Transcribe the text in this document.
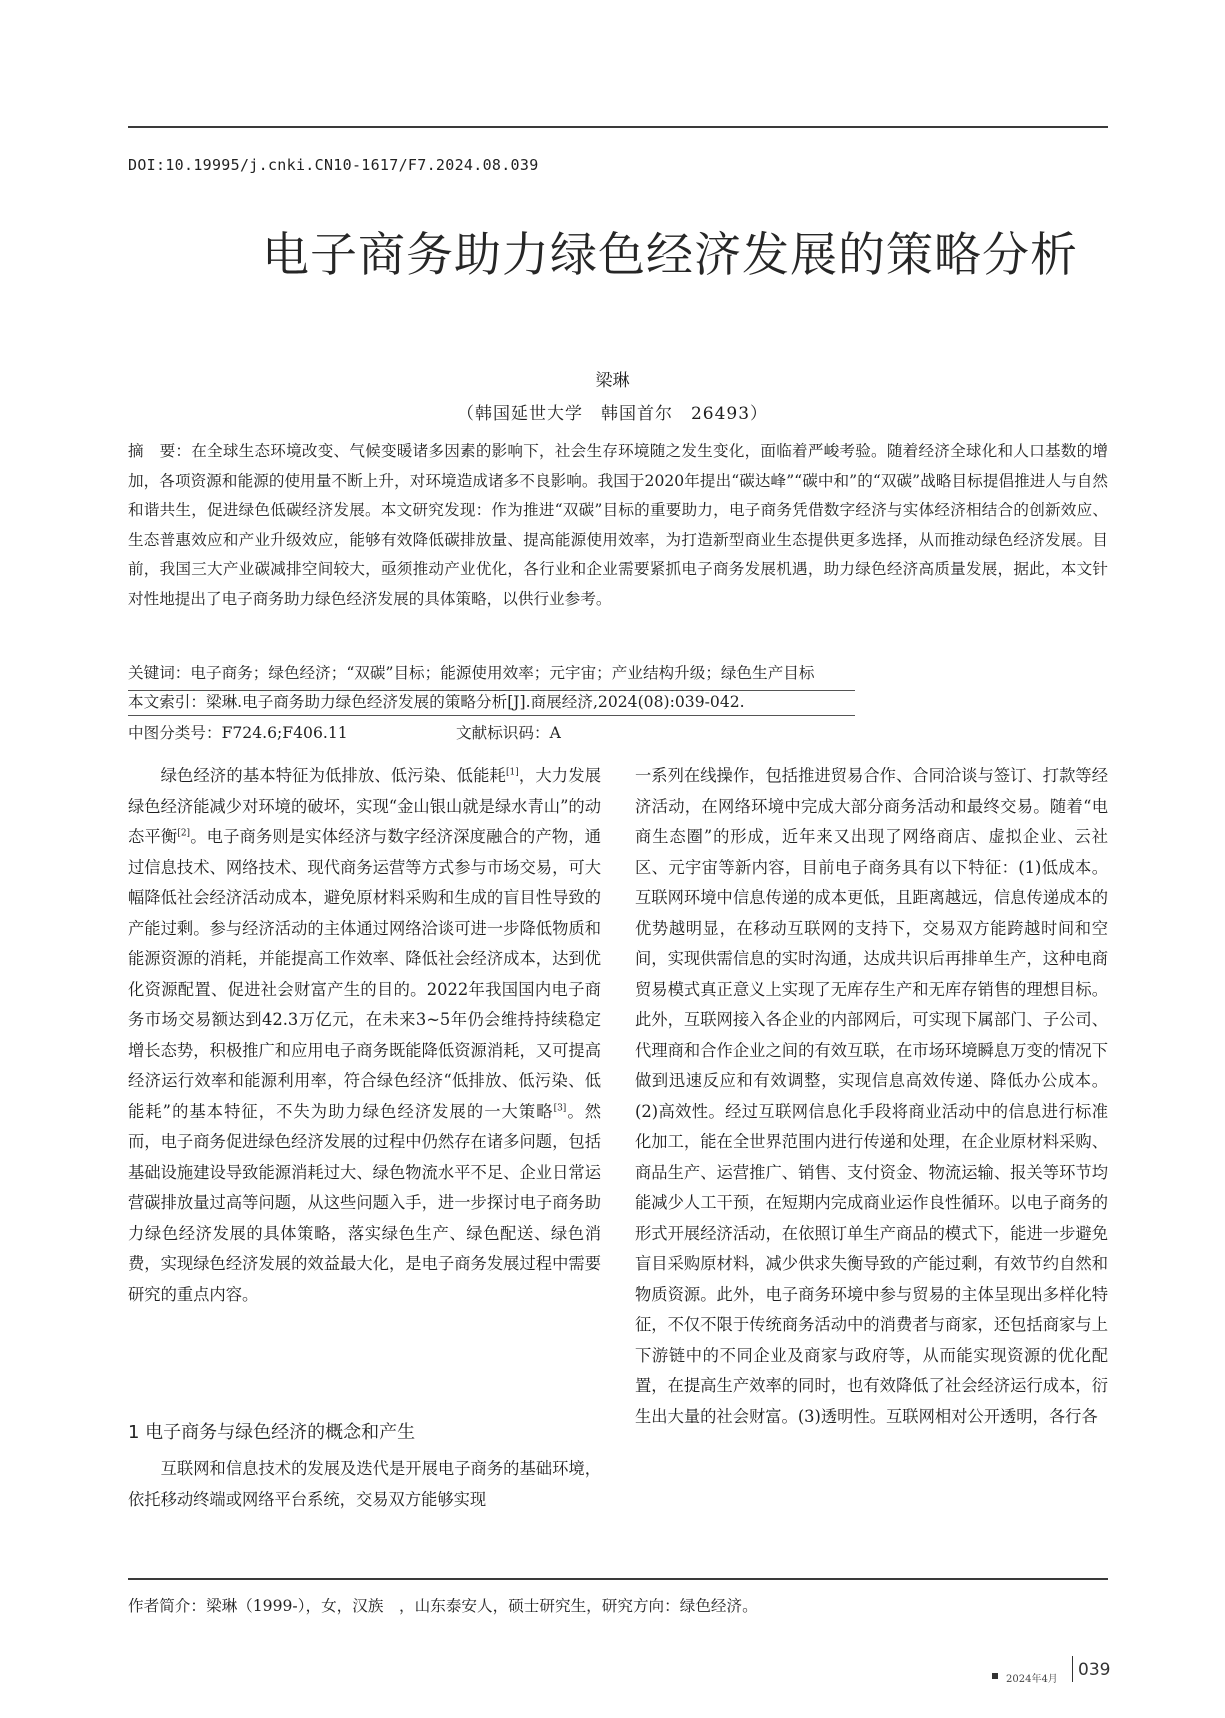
DOI:10.19995/j.cnki.CN10-1617/F7.2024.08.039
电子商务助力绿色经济发展的策略分析
梁琳
（韩国延世大学　韩国首尔　26493）
摘　要：在全球生态环境改变、气候变暖诸多因素的影响下，社会生存环境随之发生变化，面临着严峻考验。随着经济全球化和人口基数的增加，各项资源和能源的使用量不断上升，对环境造成诸多不良影响。我国于2020年提出“碳达峰”“碳中和”的“双碳”战略目标提倡推进人与自然和谐共生，促进绿色低碳经济发展。本文研究发现：作为推进“双碳”目标的重要助力，电子商务凭借数字经济与实体经济相结合的创新效应、生态普惠效应和产业升级效应，能够有效降低碳排放量、提高能源使用效率，为打造新型商业生态提供更多选择，从而推动绿色经济发展。目前，我国三大产业碳减排空间较大，亟须推动产业优化，各行业和企业需要紧抓电子商务发展机遇，助力绿色经济高质量发展，据此，本文针对性地提出了电子商务助力绿色经济发展的具体策略，以供行业参考。
关键词：电子商务；绿色经济；“双碳”目标；能源使用效率；元宇宙；产业结构升级；绿色生产目标
本文索引：梁琳.电子商务助力绿色经济发展的策略分析[J].商展经济,2024(08):039-042.
中图分类号：F724.6;F406.11	文献标识码：A

绿色经济的基本特征为低排放、低污染、低能耗[1]，大力发展绿色经济能减少对环境的破坏，实现“金山银山就是绿水青山”的动态平衡[2]。电子商务则是实体经济与数字经济深度融合的产物，通过信息技术、网络技术、现代商务运营等方式参与市场交易，可大幅降低社会经济活动成本，避免原材料采购和生成的盲目性导致的产能过剩。参与经济活动的主体通过网络洽谈可进一步降低物质和能源资源的消耗，并能提高工作效率、降低社会经济成本，达到优化资源配置、促进社会财富产生的目的。2022年我国国内电子商务市场交易额达到42.3万亿元，在未来3~5年仍会维持持续稳定增长态势，积极推广和应用电子商务既能降低资源消耗，又可提高经济运行效率和能源利用率，符合绿色经济“低排放、低污染、低能耗”的基本特征，不失为助力绿色经济发展的一大策略[3]。然而，电子商务促进绿色经济发展的过程中仍然存在诸多问题，包括基础设施建设导致能源消耗过大、绿色物流水平不足、企业日常运营碳排放量过高等问题，从这些问题入手，进一步探讨电子商务助力绿色经济发展的具体策略，落实绿色生产、绿色配送、绿色消费，实现绿色经济发展的效益最大化，是电子商务发展过程中需要研究的重点内容。

1 电子商务与绿色经济的概念和产生

互联网和信息技术的发展及迭代是开展电子商务的基础环境，依托移动终端或网络平台系统，交易双方能够实现

一系列在线操作，包括推进贸易合作、合同洽谈与签订、打款等经济活动，在网络环境中完成大部分商务活动和最终交易。随着“电商生态圈”的形成，近年来又出现了网络商店、虚拟企业、云社区、元宇宙等新内容，目前电子商务具有以下特征：(1)低成本。互联网环境中信息传递的成本更低，且距离越远，信息传递成本的优势越明显，在移动互联网的支持下，交易双方能跨越时间和空间，实现供需信息的实时沟通，达成共识后再排单生产，这种电商贸易模式真正意义上实现了无库存生产和无库存销售的理想目标。此外，互联网接入各企业的内部网后，可实现下属部门、子公司、代理商和合作企业之间的有效互联，在市场环境瞬息万变的情况下做到迅速反应和有效调整，实现信息高效传递、降低办公成本。(2)高效性。经过互联网信息化手段将商业活动中的信息进行标准化加工，能在全世界范围内进行传递和处理，在企业原材料采购、商品生产、运营推广、销售、支付资金、物流运输、报关等环节均能减少人工干预，在短期内完成商业运作良性循环。以电子商务的形式开展经济活动，在依照订单生产商品的模式下，能进一步避免盲目采购原材料，减少供求失衡导致的产能过剩，有效节约自然和物质资源。此外，电子商务环境中参与贸易的主体呈现出多样化特征，不仅不限于传统商务活动中的消费者与商家，还包括商家与上下游链中的不同企业及商家与政府等，从而能实现资源的优化配置，在提高生产效率的同时，也有效降低了社会经济运行成本，衍生出大量的社会财富。(3)透明性。互联网相对公开透明，各行各

作者简介：梁琳（1999-），女，汉族　，山东泰安人，硕士研究生，研究方向：绿色经济。
2024年4月 039
